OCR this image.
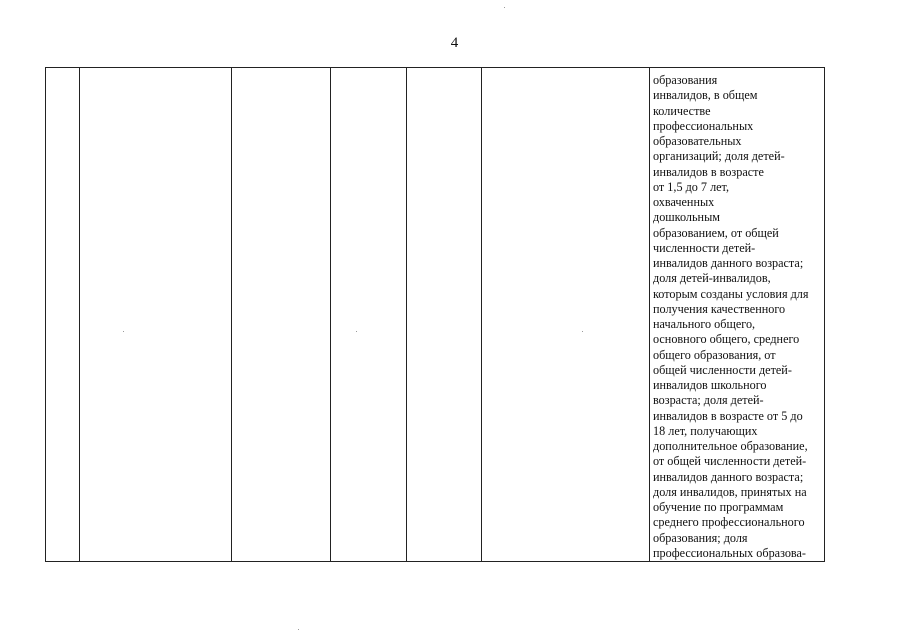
4

образования
инвалидов, в общем
количестве
профессиональных
образовательных
организаций; доля детей-
инвалидов в возрасте
от 1,5 до 7 лет,
охваченных
дошкольным
образованием, от общей
численности детей-
инвалидов данного возраста;
доля детей-инвалидов,
которым созданы условия для
получения качественного
начального общего,
основного общего, среднего
общего образования, от
общей численности детей-
инвалидов школьного
возраста; доля детей-
инвалидов в возрасте от 5 до
18 лет, получающих
дополнительное образование,
от общей численности детей-
инвалидов данного возраста;
доля инвалидов, принятых на
обучение по программам
среднего профессионального
образования; доля
профессиональных образова-
